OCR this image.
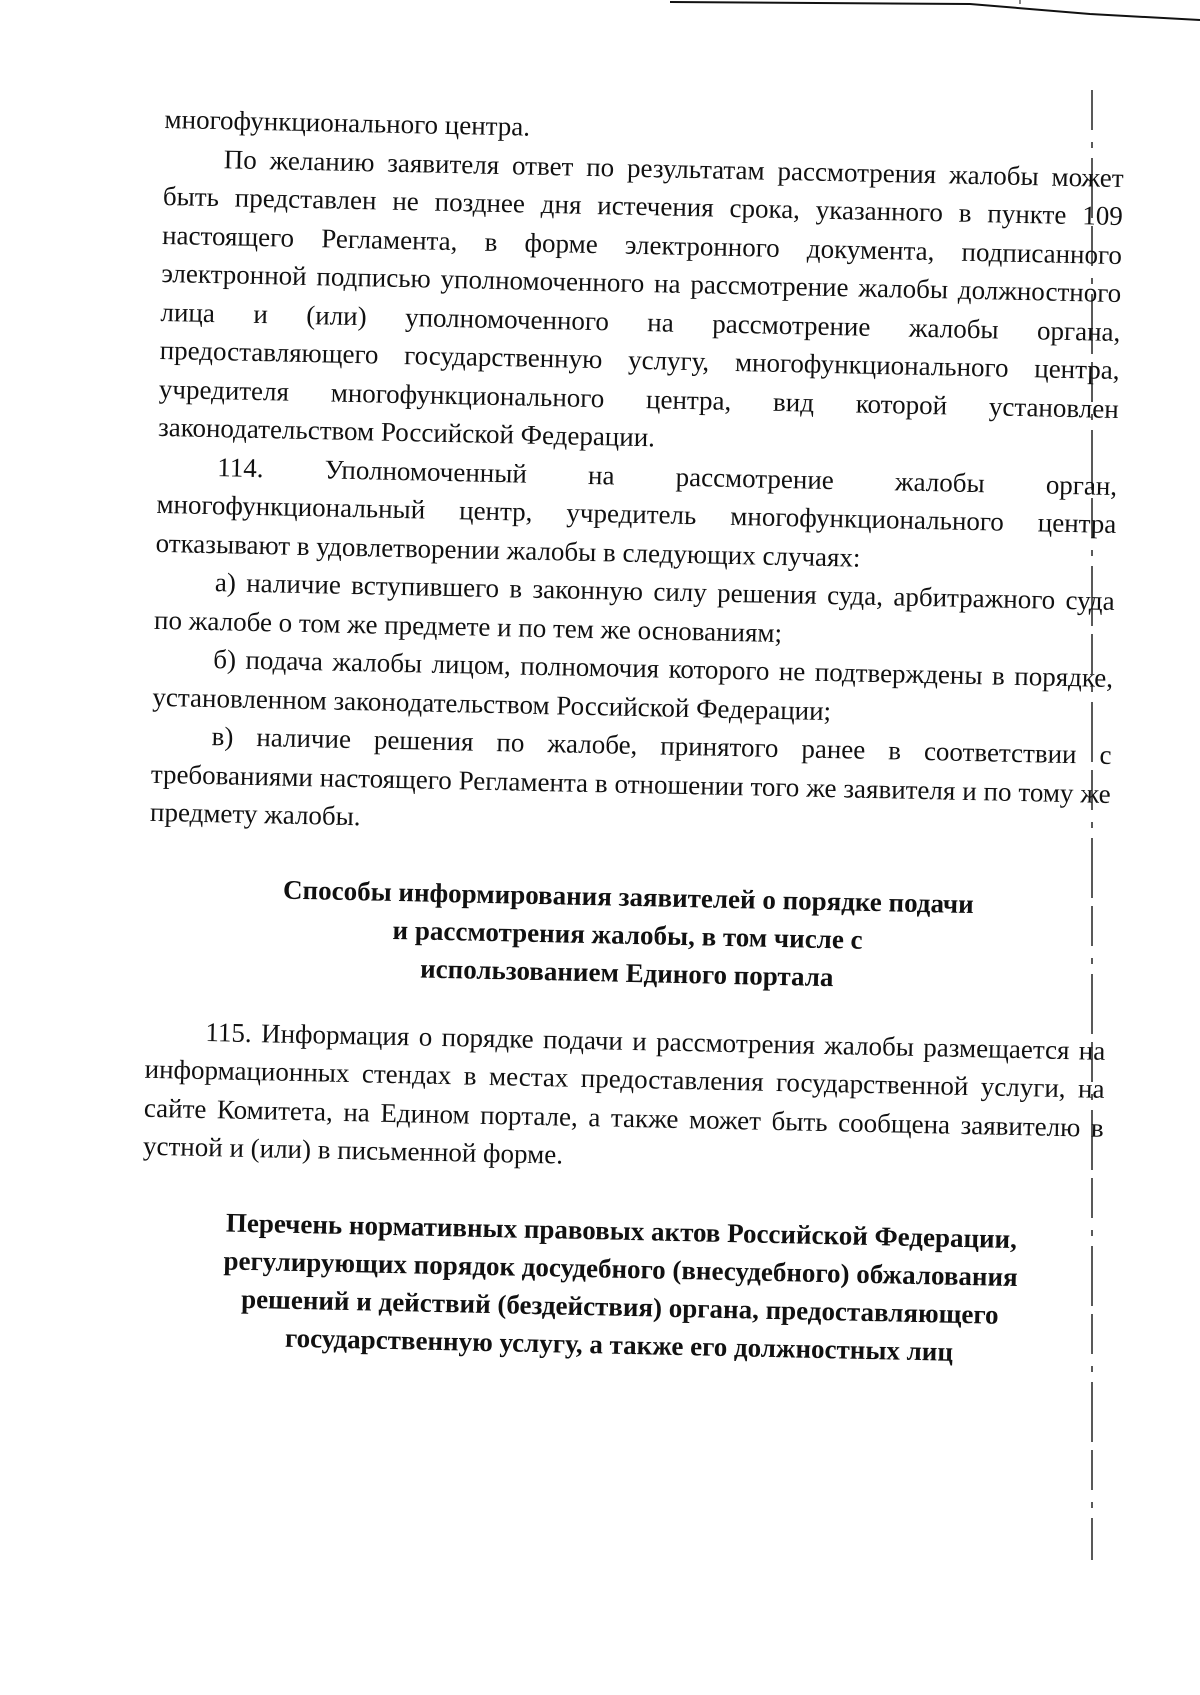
многофункционального центра.

По желанию заявителя ответ по результатам рассмотрения жалобы может быть представлен не позднее дня истечения срока, указанного в пункте 109 настоящего Регламента, в форме электронного документа, подписанного электронной подписью уполномоченного на рассмотрение жалобы должностного лица и (или) уполномоченного на рассмотрение жалобы органа, предоставляющего государственную услугу, многофункционального центра, учредителя многофункционального центра, вид которой установлен законодательством Российской Федерации.

114. Уполномоченный на рассмотрение жалобы орган, многофункциональный центр, учредитель многофункционального центра отказывают в удовлетворении жалобы в следующих случаях:

а) наличие вступившего в законную силу решения суда, арбитражного суда по жалобе о том же предмете и по тем же основаниям;

б) подача жалобы лицом, полномочия которого не подтверждены в порядке, установленном законодательством Российской Федерации;

в) наличие решения по жалобе, принятого ранее в соответствии с требованиями настоящего Регламента в отношении того же заявителя и по тому же предмету жалобы.

Способы информирования заявителей о порядке подачи
и рассмотрения жалобы, в том числе с
использованием Единого портала

115. Информация о порядке подачи и рассмотрения жалобы размещается на информационных стендах в местах предоставления государственной услуги, на сайте Комитета, на Едином портале, а также может быть сообщена заявителю в устной и (или) в письменной форме.

Перечень нормативных правовых актов Российской Федерации,
регулирующих порядок досудебного (внесудебного) обжалования
решений и действий (бездействия) органа, предоставляющего
государственную услугу, а также его должностных лиц
